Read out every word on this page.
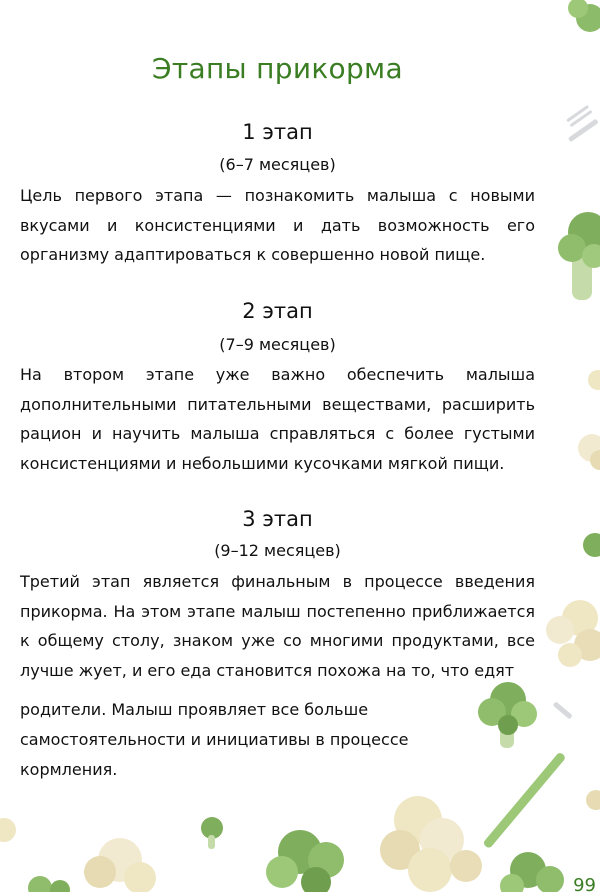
Этапы прикорма
1 этап
(6–7 месяцев)
Цель первого этапа — познакомить малыша с новыми вкусами и консистенциями и дать возможность его организму адаптироваться к совершенно новой пище.
2 этап
(7–9 месяцев)
На втором этапе уже важно обеспечить малыша дополнительными питательными веществами, расширить рацион и научить малыша справляться с более густыми консистенциями и небольшими кусочками мягкой пищи.
3 этап
(9–12 месяцев)
Третий этап является финальным в процессе введения прикорма. На этом этапе малыш постепенно приближается к общему столу, знаком уже со многими продуктами, все лучше жует, и его еда становится похожа на то, что едят
родители. Малыш проявляет все больше самостоятельности и инициативы в процессе кормления.
99
